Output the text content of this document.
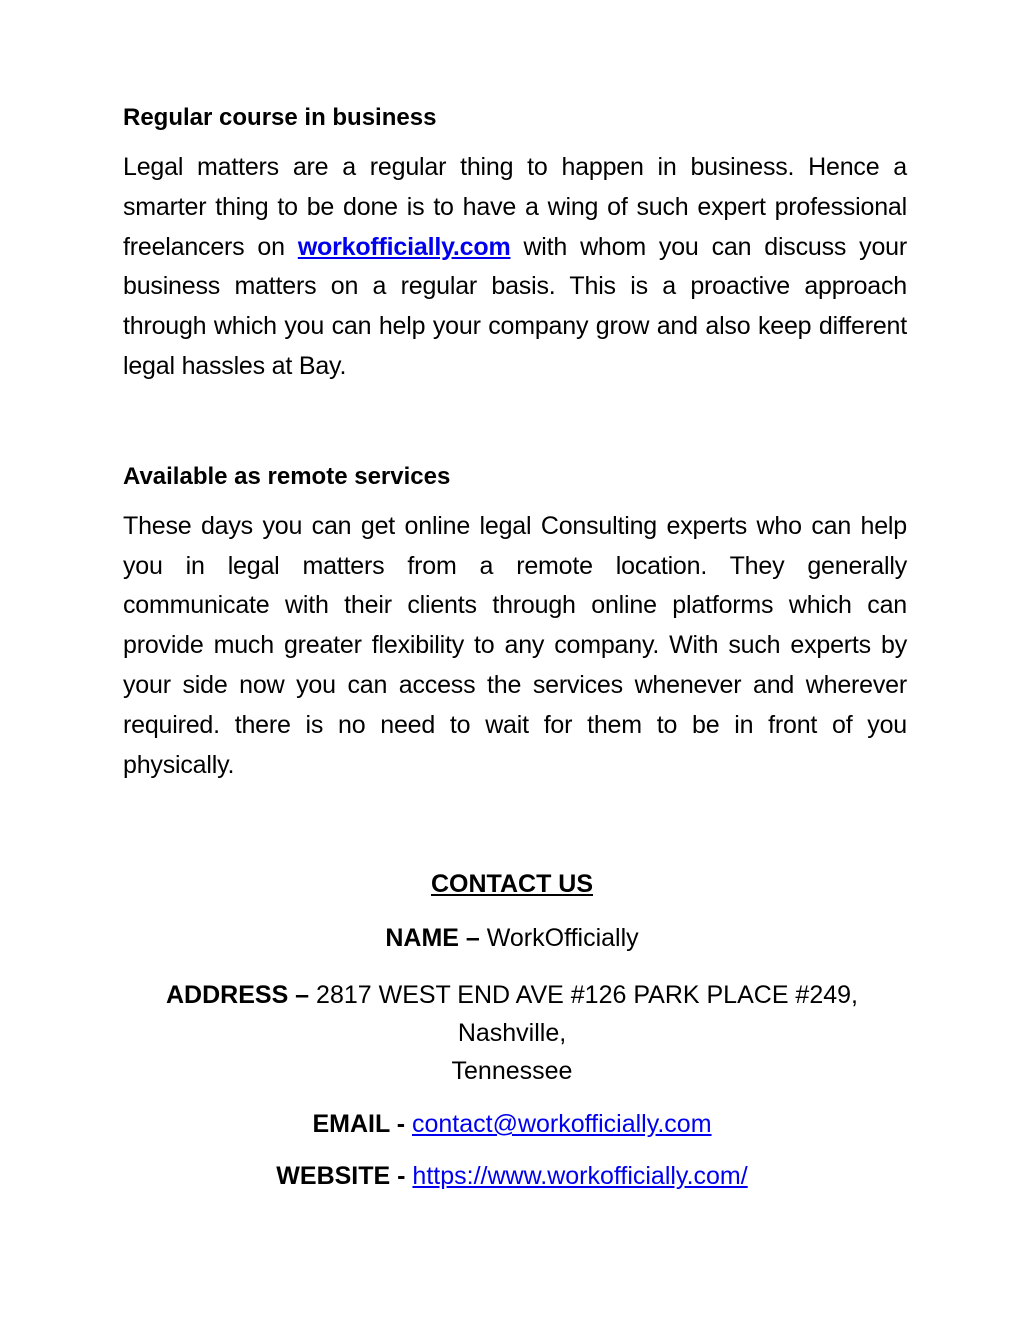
Regular course in business

Legal matters are a regular thing to happen in business. Hence a smarter thing to be done is to have a wing of such expert professional freelancers on workofficially.com with whom you can discuss your business matters on a regular basis. This is a proactive approach through which you can help your company grow and also keep different legal hassles at Bay.

Available as remote services

These days you can get online legal Consulting experts who can help you in legal matters from a remote location. They generally communicate with their clients through online platforms which can provide much greater flexibility to any company. With such experts by your side now you can access the services whenever and wherever required. there is no need to wait for them to be in front of you physically.

CONTACT US

NAME – WorkOfficially

ADDRESS – 2817 WEST END AVE #126 PARK PLACE #249,
Nashville,
Tennessee

EMAIL - contact@workofficially.com

WEBSITE - https://www.workofficially.com/
